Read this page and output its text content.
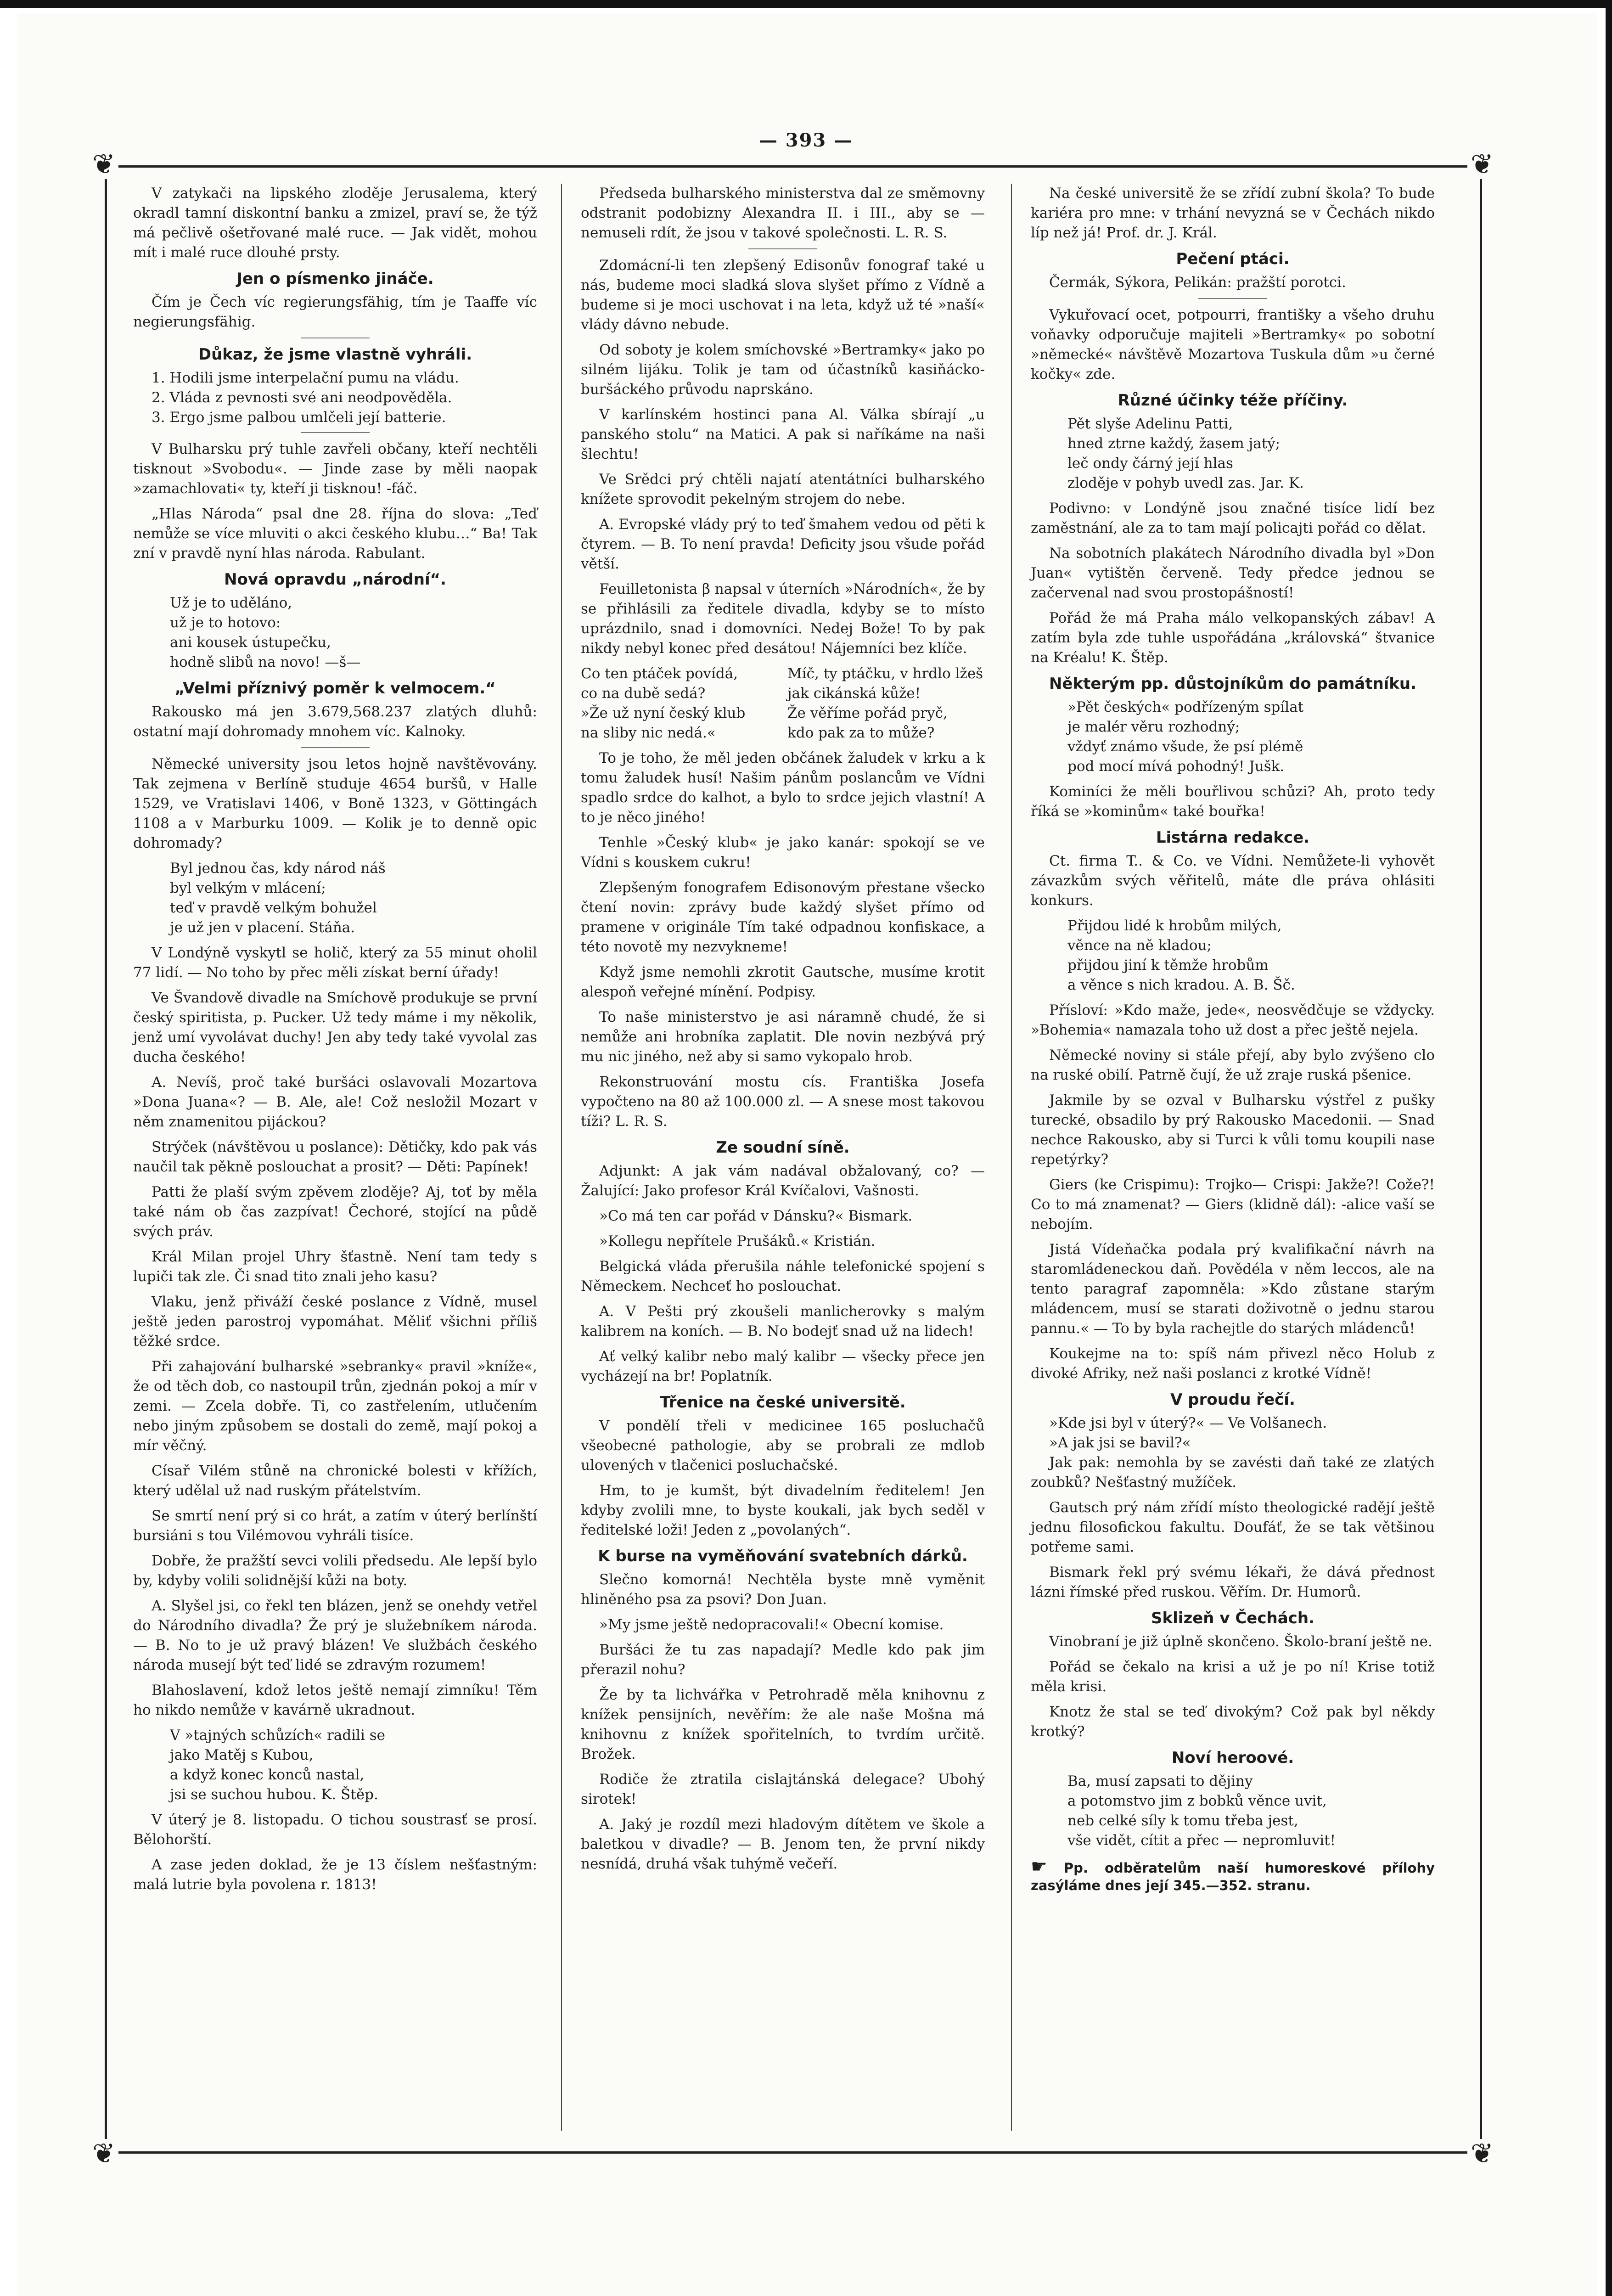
— 393 —
❦	❦
❦	❦

V zatykači na lipského zloděje Jerusalema, který okradl tamní diskontní banku a zmizel, praví se, že týž má pečlivě ošetřované malé ruce. — Jak vidět, mohou mít i malé ruce dlouhé prsty.

Jen o písmenko jináče.

Čím je Čech víc regierungsfähig, tím je Taaffe víc negierungsfähig.

Důkaz, že jsme vlastně vyhráli.

1. Hodili jsme interpelační pumu na vládu.

2. Vláda z pevnosti své ani neodpověděla.

3. Ergo jsme palbou umlčeli její batterie.

V Bulharsku prý tuhle zavřeli občany, kteří nechtěli tisknout »Svobodu«. — Jinde zase by měli naopak »zamachlovati« ty, kteří ji tisknou! -fáč.

„Hlas Národa“ psal dne 28. října do slova: „Teď nemůže se více mluviti o akci českého klubu…“ Ba! Tak zní v pravdě nyní hlas národa. Rabulant.

Nová opravdu „národní“.

Už je to uděláno,

už je to hotovo:

ani kousek ústupečku,

hodně slibů na novo! —š—

„Velmi příznivý poměr k velmocem.“

Rakousko má jen 3.679,568.237 zlatých dluhů: ostatní mají dohromady mnohem víc. Kalnoky.

Německé university jsou letos hojně navštěvovány. Tak zejmena v Berlíně studuje 4654 buršů, v Halle 1529, ve Vratislavi 1406, v Boně 1323, v Göttingách 1108 a v Marburku 1009. — Kolik je to denně opic dohromady?

Byl jednou čas, kdy národ náš

byl velkým v mlácení;

teď v pravdě velkým bohužel

je už jen v placení. Stáňa.

V Londýně vyskytl se holič, který za 55 minut oholil 77 lidí. — No toho by přec měli získat berní úřady!

Ve Švandově divadle na Smíchově produkuje se první český spiritista, p. Pucker. Už tedy máme i my několik, jenž umí vyvolávat duchy! Jen aby tedy také vyvolal zas ducha českého!

A. Nevíš, proč také buršáci oslavovali Mozartova »Dona Juana«? — B. Ale, ale! Což nesložil Mozart v něm znamenitou pijáckou?

Strýček (návštěvou u poslance): Dětičky, kdo pak vás naučil tak pěkně poslouchat a prosit? — Děti: Papínek!

Patti že plaší svým zpěvem zloděje? Aj, toť by měla také nám ob čas zazpívat! Čechoré, stojící na půdě svých práv.

Král Milan projel Uhry šťastně. Není tam tedy s lupiči tak zle. Či snad tito znali jeho kasu?

Vlaku, jenž přiváží české poslance z Vídně, musel ještě jeden parostroj vypomáhat. Měliť všichni příliš těžké srdce.

Při zahajování bulharské »sebranky« pravil »kníže«, že od těch dob, co nastoupil trůn, zjednán pokoj a mír v zemi. — Zcela dobře. Ti, co zastřelením, utlučením nebo jiným způsobem se dostali do země, mají pokoj a mír věčný.

Císař Vilém stůně na chronické bolesti v křížích, který udělal už nad ruským přátelstvím.

Se smrtí není prý si co hrát, a zatím v úterý berlínští bursiáni s tou Vilémovou vyhráli tisíce.

Dobře, že pražští sevci volili předsedu. Ale lepší bylo by, kdyby volili solidnější kůži na boty.

A. Slyšel jsi, co řekl ten blázen, jenž se onehdy vetřel do Národního divadla? Že prý je služebníkem národa. — B. No to je už pravý blázen! Ve službách českého národa musejí být teď lidé se zdravým rozumem!

Blahoslavení, kdož letos ještě nemají zimníku! Těm ho nikdo nemůže v kavárně ukradnout.

V »tajných schůzích« radili se

jako Matěj s Kubou,

a když konec konců nastal,

jsi se suchou hubou. K. Štěp.

V úterý je 8. listopadu. O tichou soustrasť se prosí. Bělohorští.

A zase jeden doklad, že je 13 číslem nešťastným: malá lutrie byla povolena r. 1813!

Předseda bulharského ministerstva dal ze směmovny odstranit podobizny Alexandra II. i III., aby se — nemuseli rdít, že jsou v takové společnosti. L. R. S.

Zdomácní-li ten zlepšený Edisonův fonograf také u nás, budeme moci sladká slova slyšet přímo z Vídně a budeme si je moci uschovat i na leta, když už té »naší« vlády dávno nebude.

Od soboty je kolem smíchovské »Bertramky« jako po silném lijáku. Tolik je tam od účastníků kasiňácko-buršáckého průvodu naprskáno.

V karlínském hostinci pana Al. Válka sbírají „u panského stolu“ na Matici. A pak si naříkáme na naši šlechtu!

Ve Srědci prý chtěli najatí atentátníci bulharského knížete sprovodit pekelným strojem do nebe.

A. Evropské vlády prý to teď šmahem vedou od pěti k čtyrem. — B. To není pravda! Deficity jsou všude pořád větší.

Feuilletonista β napsal v úterních »Národních«, že by se přihlásili za ředitele divadla, kdyby se to místo uprázdnilo, snad i domovníci. Nedej Bože! To by pak nikdy nebyl konec před desátou! Nájemníci bez klíče.

Co ten ptáček povídá,

co na dubě sedá?

»Že už nyní český klub

na sliby nic nedá.«

Míč, ty ptáčku, v hrdlo lžeš

jak cikánská kůže!

Že věříme pořád pryč,

kdo pak za to může?

To je toho, že měl jeden občánek žaludek v krku a k tomu žaludek husí! Našim pánům poslancům ve Vídni spadlo srdce do kalhot, a bylo to srdce jejich vlastní! A to je něco jiného!

Tenhle »Český klub« je jako kanár: spokojí se ve Vídni s kouskem cukru!

Zlepšeným fonografem Edisonovým přestane všecko čtení novin: zprávy bude každý slyšet přímo od pramene v originále Tím také odpadnou konfiskace, a této novotě my nezvykneme!

Když jsme nemohli zkrotit Gautsche, musíme krotit alespoň veřejné mínění. Podpisy.

To naše ministerstvo je asi náramně chudé, že si nemůže ani hrobníka zaplatit. Dle novin nezbývá prý mu nic jiného, než aby si samo vykopalo hrob.

Rekonstruování mostu cís. Františka Josefa vypočteno na 80 až 100.000 zl. — A snese most takovou tíži? L. R. S.

Ze soudní síně.

Adjunkt: A jak vám nadával obžalovaný, co? — Žalující: Jako profesor Král Kvíčalovi, Vašnosti.

»Co má ten car pořád v Dánsku?« Bismark.

»Kollegu nepřítele Prušáků.« Kristián.

Belgická vláda přerušila náhle telefonické spojení s Německem. Nechceť ho poslouchat.

A. V Pešti prý zkoušeli manlicherovky s malým kalibrem na koních. — B. No bodejť snad už na lidech!

Ať velký kalibr nebo malý kalibr — všecky přece jen vycházejí na br! Poplatník.

Třenice na české universitě.

V pondělí třeli v medicinee 165 posluchačů všeobecné pathologie, aby se probrali ze mdlob ulovených v tlačenici posluchačské.

Hm, to je kumšt, být divadelním ředitelem! Jen kdyby zvolili mne, to byste koukali, jak bych seděl v ředitelské loži! Jeden z „povolaných“.

K burse na vyměňování svatebních dárků.

Slečno komorná! Nechtěla byste mně vyměnit hliněného psa za psovi? Don Juan.

»My jsme ještě nedopracovali!« Obecní komise.

Buršáci že tu zas napadají? Medle kdo pak jim přerazil nohu?

Že by ta lichvářka v Petrohradě měla knihovnu z knížek pensijních, nevěřím: že ale naše Mošna má knihovnu z knížek spořitelních, to tvrdím určitě. Brožek.

Rodiče že ztratila cislajtánská delegace? Ubohý sirotek!

A. Jaký je rozdíl mezi hladovým dítětem ve škole a baletkou v divadle? — B. Jenom ten, že první nikdy nesnídá, druhá však tuhýmě večeří.

Na české universitě že se zřídí zubní škola? To bude kariéra pro mne: v trhání nevyzná se v Čechách nikdo líp než já! Prof. dr. J. Král.

Pečení ptáci.

Čermák, Sýkora, Pelikán: pražští porotci.

Vykuřovací ocet, potpourri, františky a všeho druhu voňavky odporučuje majiteli »Bertramky« po sobotní »německé« návštěvě Mozartova Tuskula dům »u černé kočky« zde.

Různé účinky téže příčiny.

Pět slyše Adelinu Patti,

hned ztrne každý, žasem jatý;

leč ondy čárný její hlas

zloděje v pohyb uvedl zas. Jar. K.

Podivno: v Londýně jsou značné tisíce lidí bez zaměstnání, ale za to tam mají policajti pořád co dělat.

Na sobotních plakátech Národního divadla byl »Don Juan« vytištěn červeně. Tedy předce jednou se začervenal nad svou prostopášností!

Pořád že má Praha málo velkopanských zábav! A zatím byla zde tuhle uspořádána „královská“ štvanice na Kréalu! K. Štěp.

Některým pp. důstojníkům do památníku.

»Pět českých« podřízeným spílat

je malér věru rozhodný;

vždyť známo všude, že psí plémě

pod mocí mívá pohodný! Jušk.

Kominíci že měli bouřlivou schůzi? Ah, proto tedy říká se »kominům« také bouřka!

Listárna redakce.

Ct. firma T.. & Co. ve Vídni. Nemůžete-li vyhovět závazkům svých věřitelů, máte dle práva ohlásiti konkurs.

Přijdou lidé k hrobům milých,

věnce na ně kladou;

přijdou jiní k těmže hrobům

a věnce s nich kradou. A. B. Šč.

Přísloví: »Kdo maže, jede«, neosvědčuje se vždycky. »Bohemia« namazala toho už dost a přec ještě nejela.

Německé noviny si stále přejí, aby bylo zvýšeno clo na ruské obilí. Patrně čují, že už zraje ruská pšenice.

Jakmile by se ozval v Bulharsku výstřel z pušky turecké, obsadilo by prý Rakousko Macedonii. — Snad nechce Rakousko, aby si Turci k vůli tomu koupili nase repetýrky?

Giers (ke Crispimu): Trojko— Crispi: Jakže?! Cože?! Co to má znamenat? — Giers (klidně dál): -alice vaší se nebojím.

Jistá Vídeňačka podala prý kvalifikační návrh na staromládeneckou daň. Povědéla v něm leccos, ale na tento paragraf zapomněla: »Kdo zůstane starým mládencem, musí se starati doživotně o jednu starou pannu.« — To by byla rachejtle do starých mládenců!

Koukejme na to: spíš nám přivezl něco Holub z divoké Afriky, než naši poslanci z krotké Vídně!

V proudu řečí.

»Kde jsi byl v úterý?« — Ve Volšanech.

»A jak jsi se bavil?«

Jak pak: nemohla by se zavésti daň také ze zlatých zoubků? Nešťastný mužíček.

Gautsch prý nám zřídí místo theologické radějí ještě jednu filosofickou fakultu. Doufáť, že se tak většinou potřeme sami.

Bismark řekl prý svému lékaři, že dává přednost lázni římské před ruskou. Věřím. Dr. Humorů.

Sklizeň v Čechách.

Vinobraní je již úplně skončeno. Školo-braní ještě ne.

Pořád se čekalo na krisi a už je po ní! Krise totiž měla krisi.

Knotz že stal se teď divokým? Což pak byl někdy krotký?

Noví heroové.

Ba, musí zapsati to dějiny

a potomstvo jim z bobků věnce uvit,

neb celké síly k tomu třeba jest,

vše vidět, cítit a přec — nepromluvit!

☛ Pp. odběratelům naší humoreskové přílohy zasýláme dnes její 345.—352. stranu.
